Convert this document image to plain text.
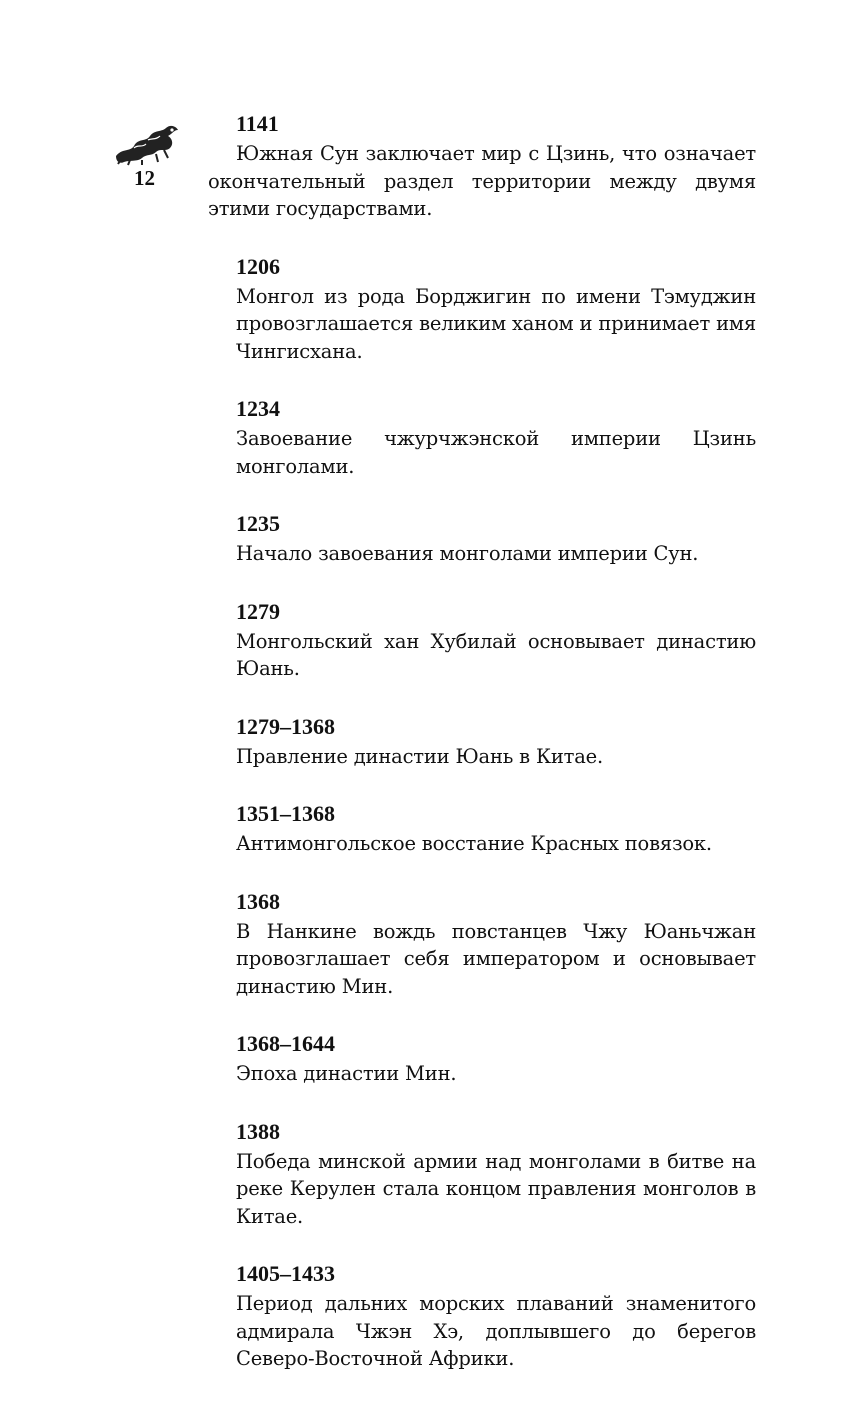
12
1141
Южная Сун заключает мир с Цзинь, что означает окончательный раздел территории между двумя этими государствами.
1206
Монгол из рода Борджигин по имени Тэмуджин провозглашается великим ханом и принимает имя Чингисхана.
1234
Завоевание чжурчжэнской империи Цзинь монголами.
1235
Начало завоевания монголами империи Сун.
1279
Монгольский хан Хубилай основывает династию Юань.
1279–1368
Правление династии Юань в Китае.
1351–1368
Антимонгольское восстание Красных повязок.
1368
В Нанкине вождь повстанцев Чжу Юаньчжан провозглашает себя императором и основывает династию Мин.
1368–1644
Эпоха династии Мин.
1388
Победа минской армии над монголами в битве на реке Керулен стала концом правления монголов в Китае.
1405–1433
Период дальних морских плаваний знаменитого адмирала Чжэн Хэ, доплывшего до берегов Северо-Восточной Африки.
